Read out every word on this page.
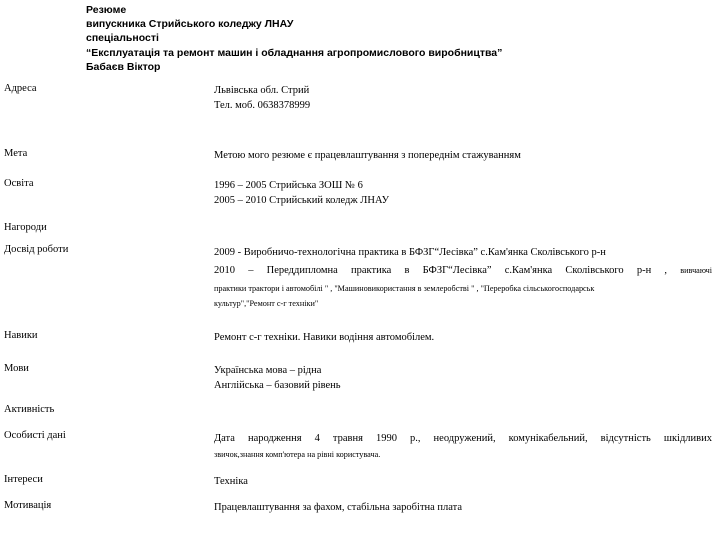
Резюме
випускника Стрийського коледжу ЛНАУ
спеціальності
“Експлуатація та ремонт машин і обладнання агропромислового виробництва”
Бабаєв Віктор
Адреса	Львівська обл. Стрий
Тел. моб. 0638378999
Мета	Метою мого резюме є працевлаштування з попереднім стажуванням
Освіта	1996 – 2005 Стрийська ЗОШ № 6
2005 – 2010 Стрийський коледж ЛНАУ
Нагороди
Досвід роботи	2009 - Виробничо-технологічна практика в БФЗГ“Лесівка” с.Кам'янка Сколівського р-н
2010 – Переддипломна практика в БФЗГ“Лесівка” с.Кам'янка Сколівського р-н , вивчаючі
практики трактори і автомобілі " , "Машиновикористання в землеробстві " , "Переробка сільськогосподарськ
культур","Ремонт с-г техніки"
Навики	Ремонт с-г техніки. Навики водіння автомобілем.
Мови	Українська мова – рідна
Англійська – базовий рівень
Активність
Особисті дані	Дата народження 4 травня 1990 р., неодружений, комунікабельний, відсутність шкідливих
звичок,знання комп'ютера на рівні користувача.
Інтереси	Техніка
Мотивація	Працевлаштування за фахом, стабільна заробітна плата
